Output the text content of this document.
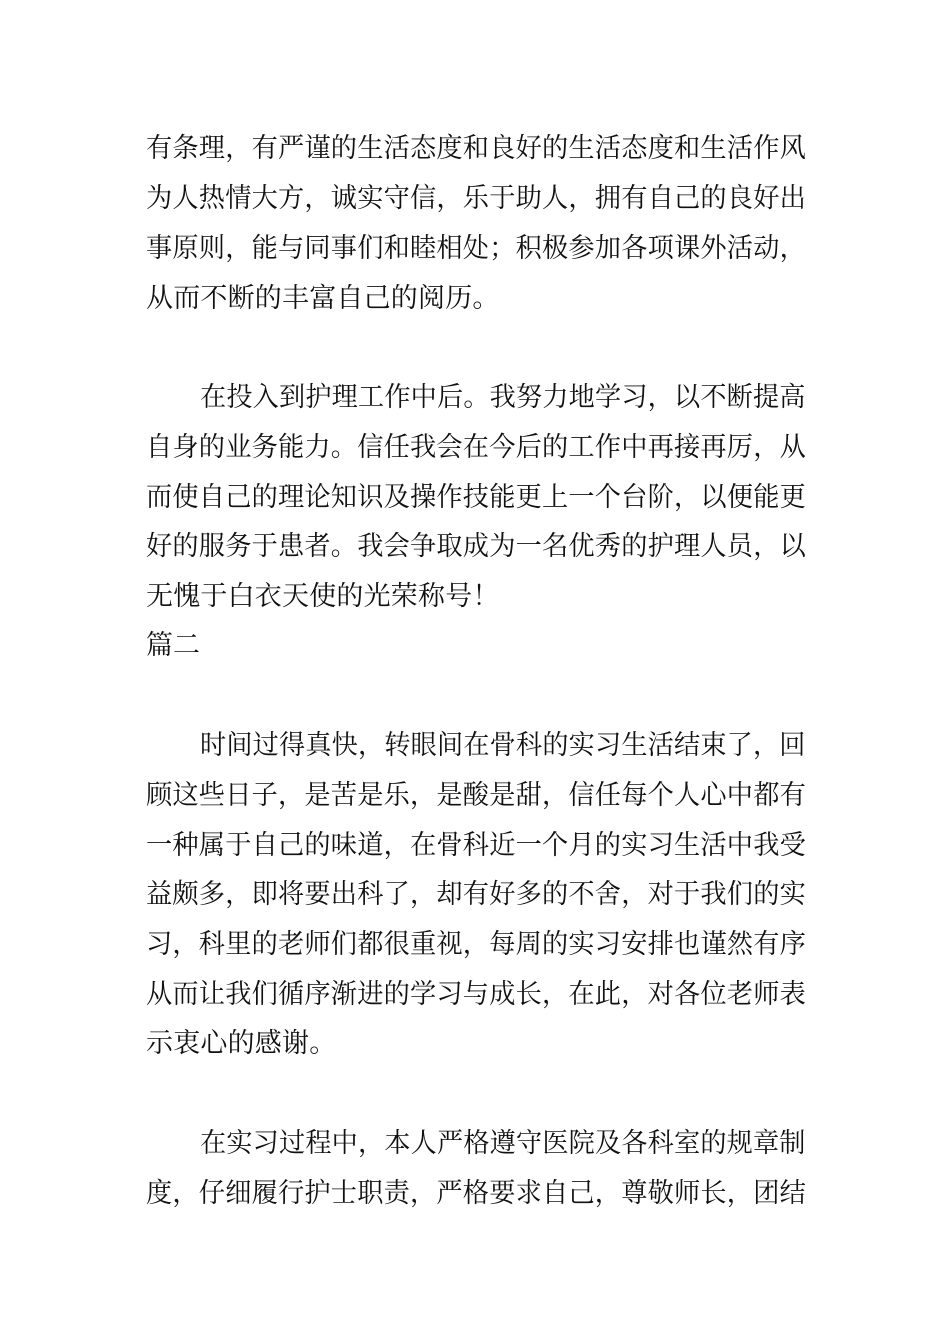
有条理，有严谨的生活态度和良好的生活态度和生活作风
为人热情大方，诚实守信，乐于助人，拥有自己的良好出
事原则，能与同事们和睦相处；积极参加各项课外活动，
从而不断的丰富自己的阅历。
在投入到护理工作中后。我努力地学习，以不断提高
自身的业务能力。信任我会在今后的工作中再接再厉，从
而使自己的理论知识及操作技能更上一个台阶，以便能更
好的服务于患者。我会争取成为一名优秀的护理人员，以
无愧于白衣天使的光荣称号！
篇二
时间过得真快，转眼间在骨科的实习生活结束了，回
顾这些日子，是苦是乐，是酸是甜，信任每个人心中都有
一种属于自己的味道，在骨科近一个月的实习生活中我受
益颇多，即将要出科了，却有好多的不舍，对于我们的实
习，科里的老师们都很重视，每周的实习安排也谨然有序
从而让我们循序渐进的学习与成长，在此，对各位老师表
示衷心的感谢。
在实习过程中，本人严格遵守医院及各科室的规章制
度，仔细履行护士职责，严格要求自己，尊敬师长，团结
